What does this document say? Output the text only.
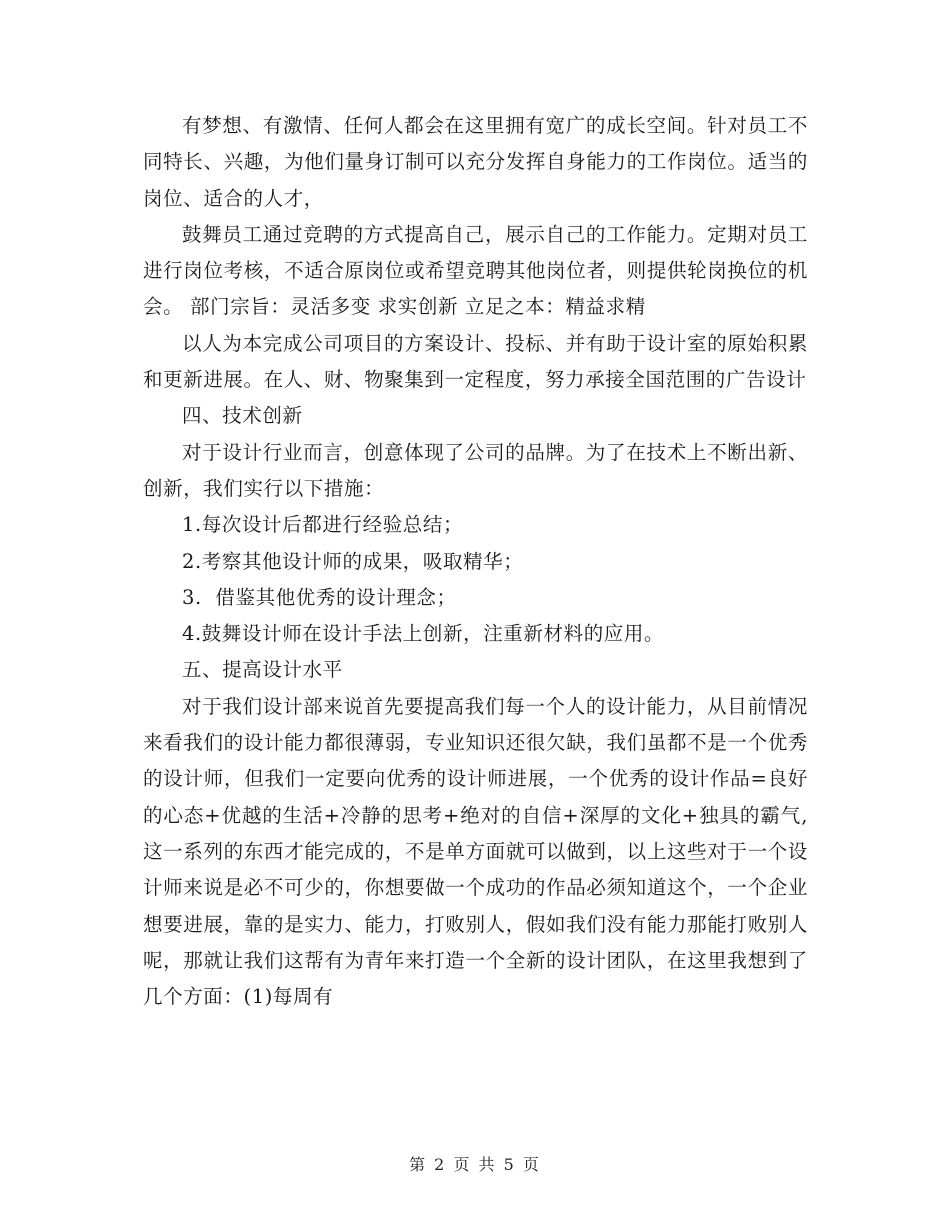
有梦想、有激情、任何人都会在这里拥有宽广的成长空间。针对员工不同特长、兴趣，为他们量身订制可以充分发挥自身能力的工作岗位。适当的岗位、适合的人才，

鼓舞员工通过竞聘的方式提高自己，展示自己的工作能力。定期对员工进行岗位考核，不适合原岗位或希望竞聘其他岗位者，则提供轮岗换位的机会。 部门宗旨：灵活多变 求实创新 立足之本：精益求精

以人为本完成公司项目的方案设计、投标、并有助于设计室的原始积累和更新进展。在人、财、物聚集到一定程度，努力承接全国范围的广告设计

四、技术创新

对于设计行业而言，创意体现了公司的品牌。为了在技术上不断出新、创新，我们实行以下措施：

1.每次设计后都进行经验总结；

2.考察其他设计师的成果，吸取精华；

3.  借鉴其他优秀的设计理念；

4.鼓舞设计师在设计手法上创新，注重新材料的应用。

五、提高设计水平

对于我们设计部来说首先要提高我们每一个人的设计能力，从目前情况来看我们的设计能力都很薄弱，专业知识还很欠缺，我们虽都不是一个优秀的设计师，但我们一定要向优秀的设计师进展，一个优秀的设计作品=良好的心态+优越的生活+冷静的思考+绝对的自信+深厚的文化+独具的霸气,这一系列的东西才能完成的，不是单方面就可以做到，以上这些对于一个设计师来说是必不可少的，你想要做一个成功的作品必须知道这个，一个企业想要进展，靠的是实力、能力，打败别人，假如我们没有能力那能打败别人呢，那就让我们这帮有为青年来打造一个全新的设计团队，在这里我想到了几个方面：(1)每周有

第 2 页 共 5 页
